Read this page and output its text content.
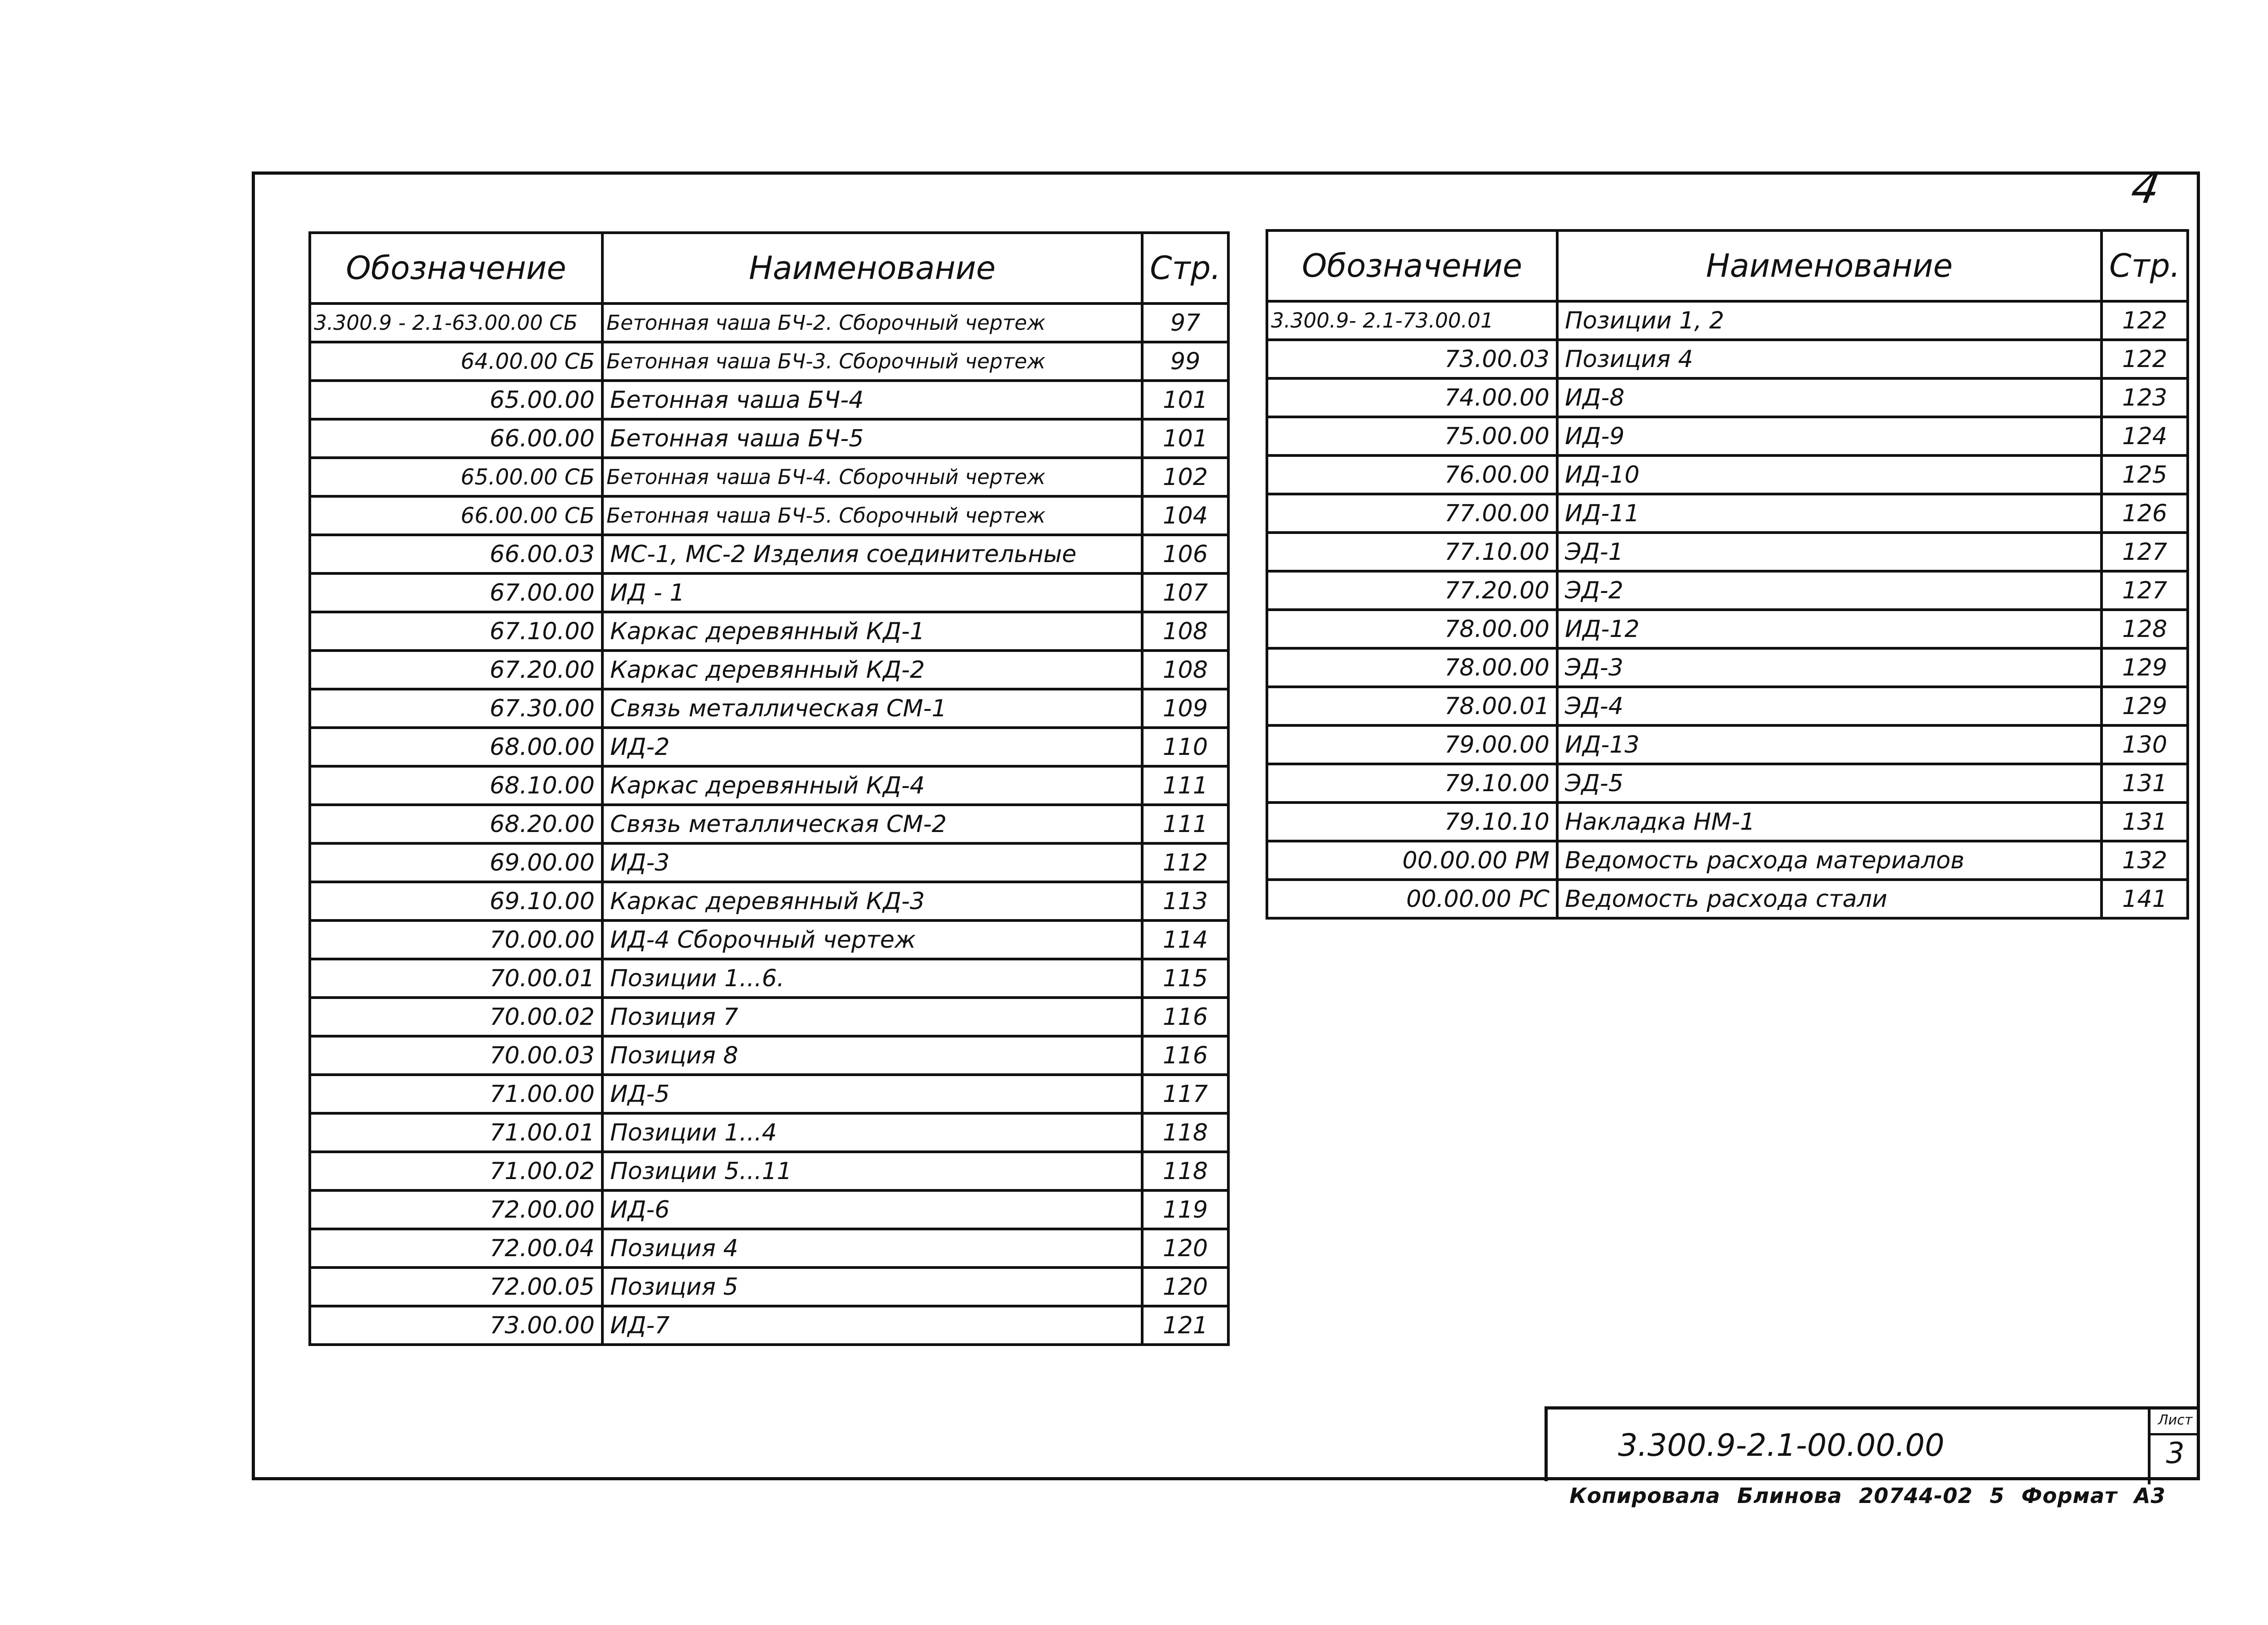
4
Обозначение	Наименование	Стр.
3.300.9 - 2.1-63.00.00 СБ	Бетонная чаша БЧ-2. Сборочный чертеж	97
64.00.00 СБ	Бетонная чаша БЧ-3. Сборочный чертеж	99
65.00.00	Бетонная чаша БЧ-4	101
66.00.00	Бетонная чаша БЧ-5	101
65.00.00 СБ	Бетонная чаша БЧ-4. Сборочный чертеж	102
66.00.00 СБ	Бетонная чаша БЧ-5. Сборочный чертеж	104
66.00.03	МС-1, МС-2 Изделия соединительные	106
67.00.00	ИД - 1	107
67.10.00	Каркас деревянный КД-1	108
67.20.00	Каркас деревянный КД-2	108
67.30.00	Связь металлическая СМ-1	109
68.00.00	ИД-2	110
68.10.00	Каркас деревянный КД-4	111
68.20.00	Связь металлическая СМ-2	111
69.00.00	ИД-3	112
69.10.00	Каркас деревянный КД-3	113
70.00.00	ИД-4 Сборочный чертеж	114
70.00.01	Позиции 1...6.	115
70.00.02	Позиция 7	116
70.00.03	Позиция 8	116
71.00.00	ИД-5	117
71.00.01	Позиции 1...4	118
71.00.02	Позиции 5...11	118
72.00.00	ИД-6	119
72.00.04	Позиция 4	120
72.00.05	Позиция 5	120
73.00.00	ИД-7	121
Обозначение	Наименование	Стр.
3.300.9- 2.1-73.00.01	Позиции 1, 2	122
73.00.03	Позиция 4	122
74.00.00	ИД-8	123
75.00.00	ИД-9	124
76.00.00	ИД-10	125
77.00.00	ИД-11	126
77.10.00	ЭД-1	127
77.20.00	ЭД-2	127
78.00.00	ИД-12	128
78.00.00	ЭД-3	129
78.00.01	ЭД-4	129
79.00.00	ИД-13	130
79.10.00	ЭД-5	131
79.10.10	Накладка НМ-1	131
00.00.00 РМ	Ведомость расхода материалов	132
00.00.00 РС	Ведомость расхода стали	141
3.300.9-2.1-00.00.00
Лист
3
Копировала Блинова 20744-02 5 Формат А3
